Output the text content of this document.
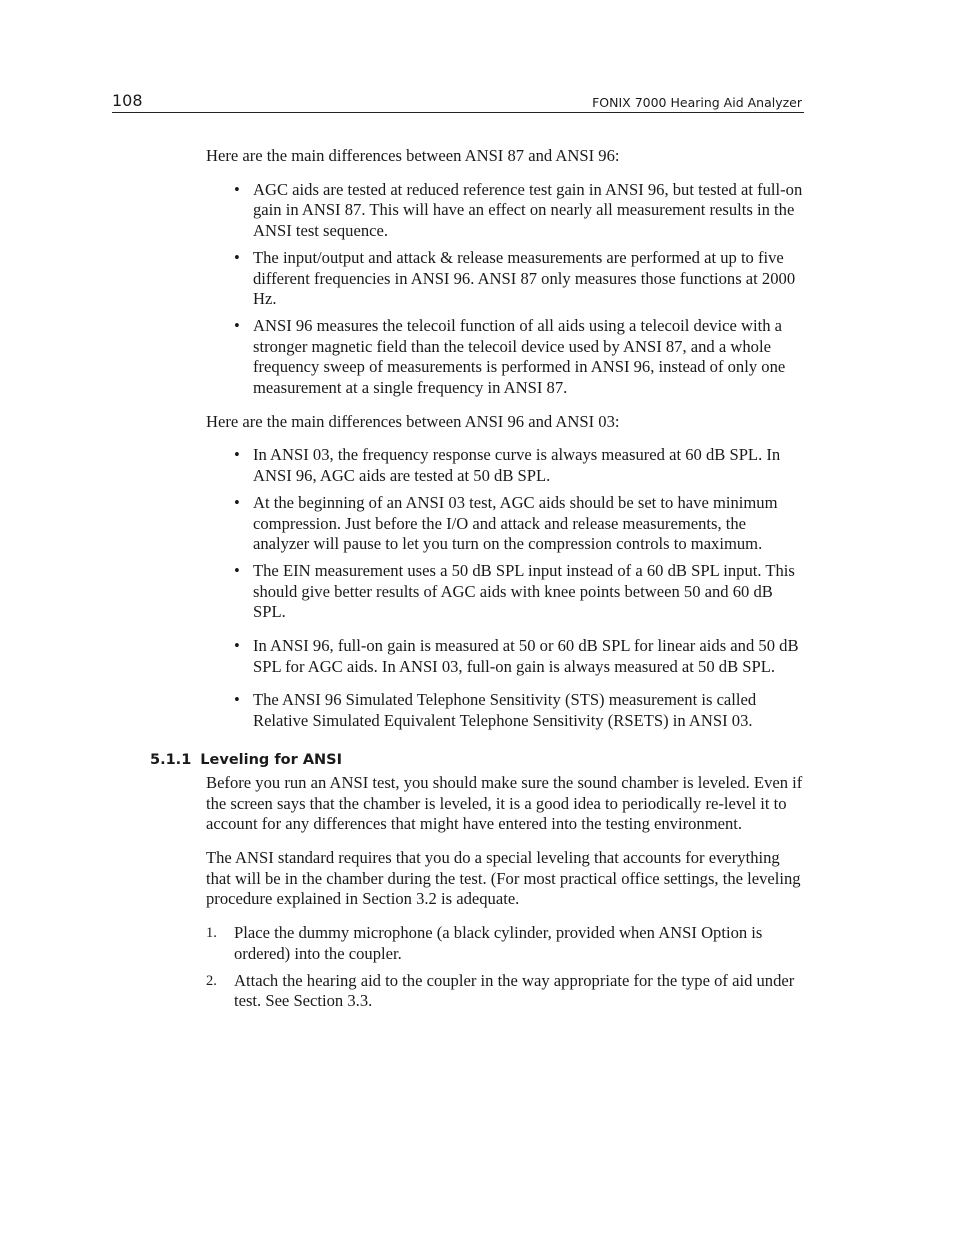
108	FONIX 7000 Hearing Aid Analyzer

Here are the main differences between ANSI 87 and ANSI 96:

• AGC aids are tested at reduced reference test gain in ANSI 96, but tested at full-on gain in ANSI 87. This will have an effect on nearly all measurement results in the ANSI test sequence.
• The input/output and attack & release measurements are performed at up to five different frequencies in ANSI 96. ANSI 87 only measures those functions at 2000 Hz.
• ANSI 96 measures the telecoil function of all aids using a telecoil device with a stronger magnetic field than the telecoil device used by ANSI 87, and a whole frequency sweep of measurements is performed in ANSI 96, instead of only one measurement at a single frequency in ANSI 87.

Here are the main differences between ANSI 96 and ANSI 03:

• In ANSI 03, the frequency response curve is always measured at 60 dB SPL. In ANSI 96, AGC aids are tested at 50 dB SPL.
• At the beginning of an ANSI 03 test, AGC aids should be set to have minimum compression. Just before the I/O and attack and release measurements, the analyzer will pause to let you turn on the compression controls to maximum.
• The EIN measurement uses a 50 dB SPL input instead of a 60 dB SPL input. This should give better results of AGC aids with knee points between 50 and 60 dB SPL.
• In ANSI 96, full-on gain is measured at 50 or 60 dB SPL for linear aids and 50 dB SPL for AGC aids. In ANSI 03, full-on gain is always measured at 50 dB SPL.
• The ANSI 96 Simulated Telephone Sensitivity (STS) measurement is called Relative Simulated Equivalent Telephone Sensitivity (RSETS) in ANSI 03.
5.1.1 Leveling for ANSI

Before you run an ANSI test, you should make sure the sound chamber is leveled. Even if the screen says that the chamber is leveled, it is a good idea to periodically re-level it to account for any differences that might have entered into the testing environment.

The ANSI standard requires that you do a special leveling that accounts for everything that will be in the chamber during the test. (For most practical office settings, the leveling procedure explained in Section 3.2 is adequate.

1. Place the dummy microphone (a black cylinder, provided when ANSI Option is ordered) into the coupler.
2. Attach the hearing aid to the coupler in the way appropriate for the type of aid under test. See Section 3.3.
